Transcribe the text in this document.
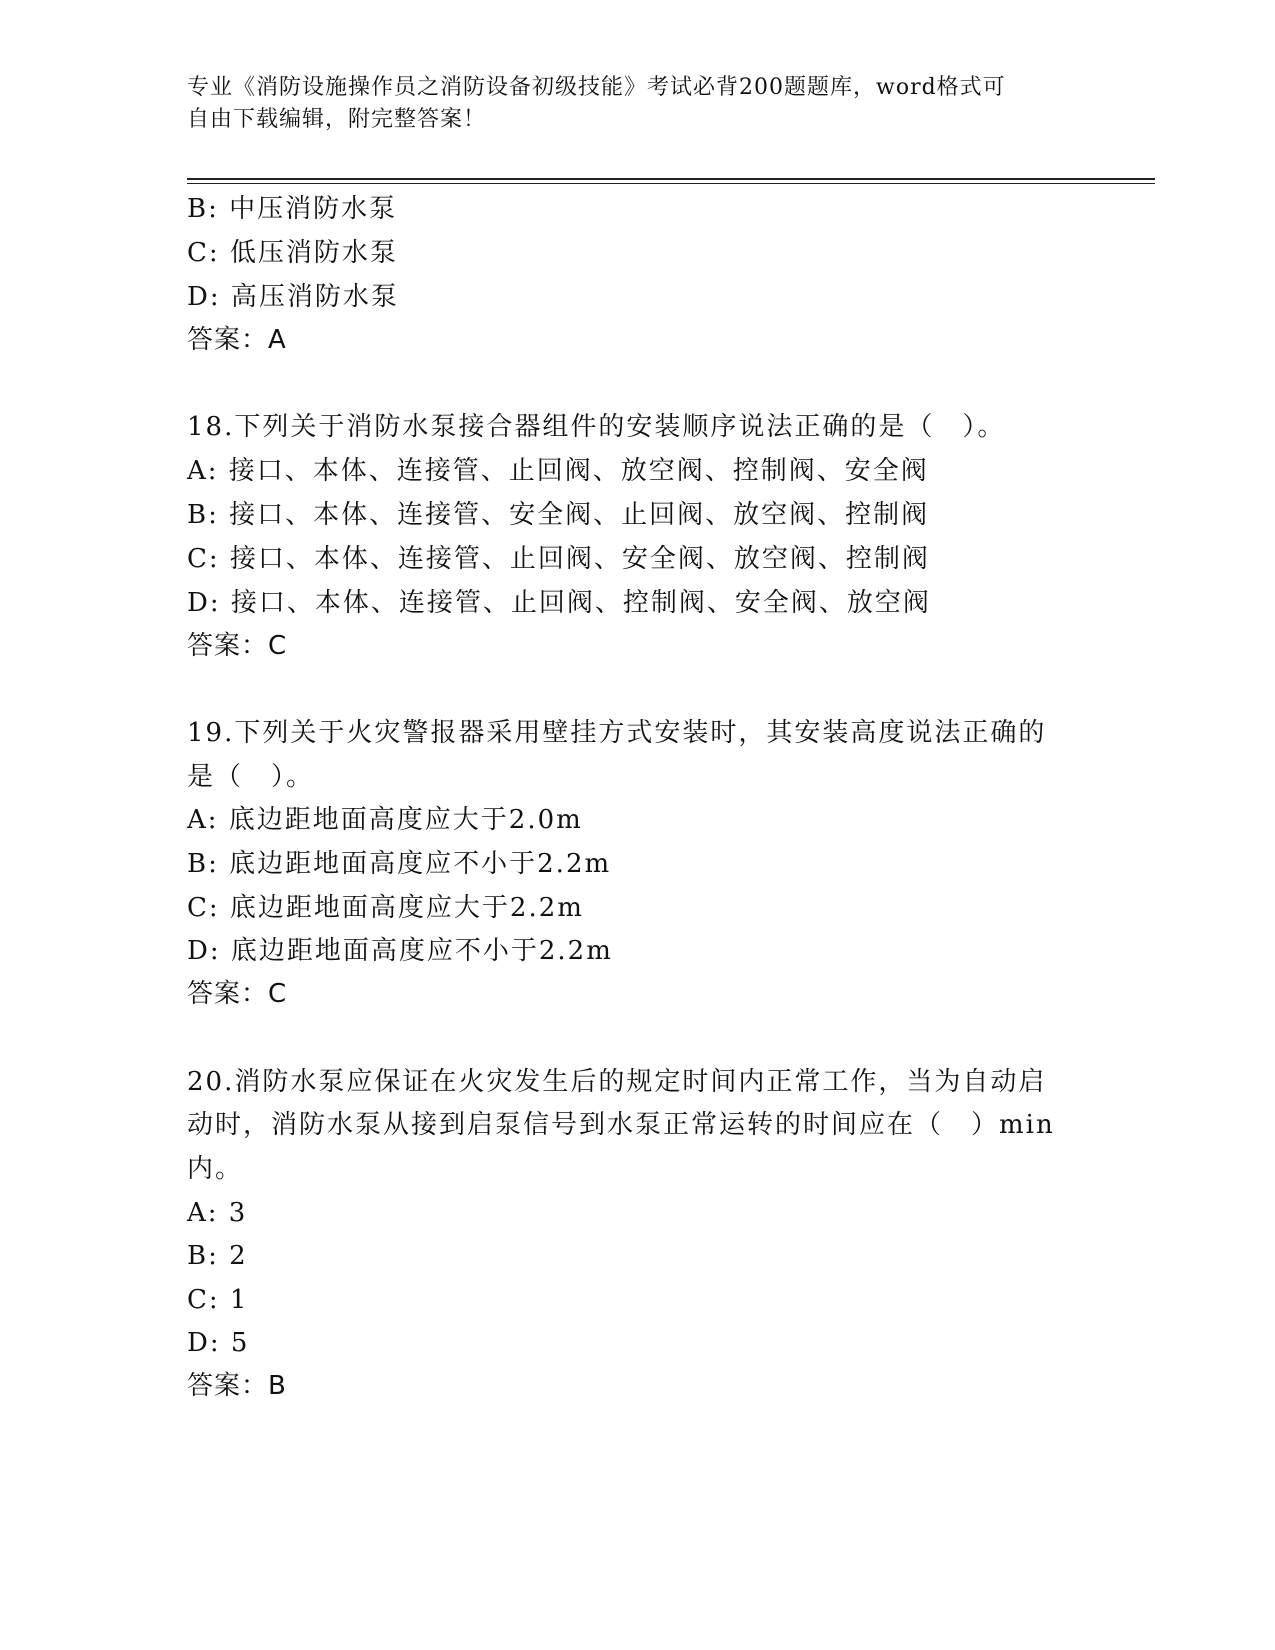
专业《消防设施操作员之消防设备初级技能》考试必背200题题库，word格式可
自由下载编辑，附完整答案！
B: 中压消防水泵
C: 低压消防水泵
D: 高压消防水泵
答案：A
18.下列关于消防水泵接合器组件的安装顺序说法正确的是（　）。
A: 接口、本体、连接管、止回阀、放空阀、控制阀、安全阀
B: 接口、本体、连接管、安全阀、止回阀、放空阀、控制阀
C: 接口、本体、连接管、止回阀、安全阀、放空阀、控制阀
D: 接口、本体、连接管、止回阀、控制阀、安全阀、放空阀
答案：C
19.下列关于火灾警报器采用壁挂方式安装时，其安装高度说法正确的
是（　）。
A: 底边距地面高度应大于2.0m
B: 底边距地面高度应不小于2.2m
C: 底边距地面高度应大于2.2m
D: 底边距地面高度应不小于2.2m
答案：C
20.消防水泵应保证在火灾发生后的规定时间内正常工作，当为自动启
动时，消防水泵从接到启泵信号到水泵正常运转的时间应在（　）min
内。
A: 3
B: 2
C: 1
D: 5
答案：B
